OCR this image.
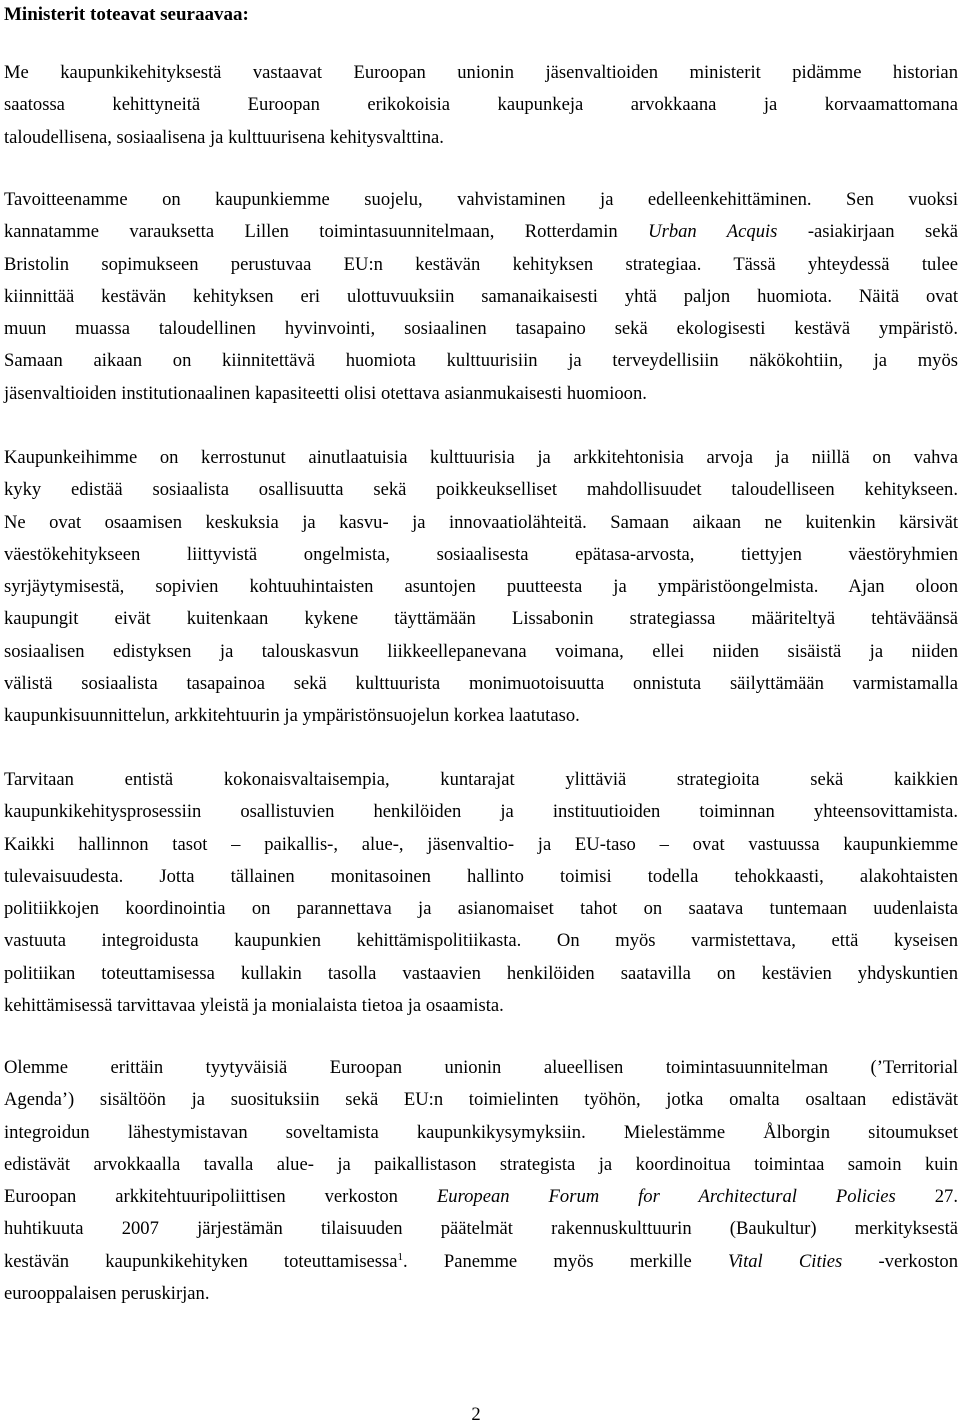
Ministerit toteavat seuraavaa:
Me kaupunkikehityksestä vastaavat Euroopan unionin jäsenvaltioiden ministerit pidämme historian
saatossa kehittyneitä Euroopan erikokoisia kaupunkeja arvokkaana ja korvaamattomana
taloudellisena, sosiaalisena ja kulttuurisena kehitysvalttina.
Tavoitteenamme on kaupunkiemme suojelu, vahvistaminen ja edelleenkehittäminen. Sen vuoksi
kannatamme varauksetta Lillen toimintasuunnitelmaan, Rotterdamin Urban Acquis -asiakirjaan sekä
Bristolin sopimukseen perustuvaa EU:n kestävän kehityksen strategiaa. Tässä yhteydessä tulee
kiinnittää kestävän kehityksen eri ulottuvuuksiin samanaikaisesti yhtä paljon huomiota. Näitä ovat
muun muassa taloudellinen hyvinvointi, sosiaalinen tasapaino sekä ekologisesti kestävä ympäristö.
Samaan aikaan on kiinnitettävä huomiota kulttuurisiin ja terveydellisiin näkökohtiin, ja myös
jäsenvaltioiden institutionaalinen kapasiteetti olisi otettava asianmukaisesti huomioon.
Kaupunkeihimme on kerrostunut ainutlaatuisia kulttuurisia ja arkkitehtonisia arvoja ja niillä on vahva
kyky edistää sosiaalista osallisuutta sekä poikkeukselliset mahdollisuudet taloudelliseen kehitykseen.
Ne ovat osaamisen keskuksia ja kasvu- ja innovaatiolähteitä. Samaan aikaan ne kuitenkin kärsivät
väestökehitykseen liittyvistä ongelmista, sosiaalisesta epätasa-arvosta, tiettyjen väestöryhmien
syrjäytymisestä, sopivien kohtuuhintaisten asuntojen puutteesta ja ympäristöongelmista. Ajan oloon
kaupungit eivät kuitenkaan kykene täyttämään Lissabonin strategiassa määriteltyä tehtäväänsä
sosiaalisen edistyksen ja talouskasvun liikkeellepanevana voimana, ellei niiden sisäistä ja niiden
välistä sosiaalista tasapainoa sekä kulttuurista monimuotoisuutta onnistuta säilyttämään varmistamalla
kaupunkisuunnittelun, arkkitehtuurin ja ympäristönsuojelun korkea laatutaso.
Tarvitaan entistä kokonaisvaltaisempia, kuntarajat ylittäviä strategioita sekä kaikkien
kaupunkikehitysprosessiin osallistuvien henkilöiden ja instituutioiden toiminnan yhteensovittamista.
Kaikki hallinnon tasot – paikallis-, alue-, jäsenvaltio- ja EU-taso – ovat vastuussa kaupunkiemme
tulevaisuudesta. Jotta tällainen monitasoinen hallinto toimisi todella tehokkaasti, alakohtaisten
politiikkojen koordinointia on parannettava ja asianomaiset tahot on saatava tuntemaan uudenlaista
vastuuta integroidusta kaupunkien kehittämispolitiikasta. On myös varmistettava, että kyseisen
politiikan toteuttamisessa kullakin tasolla vastaavien henkilöiden saatavilla on kestävien yhdyskuntien
kehittämisessä tarvittavaa yleistä ja monialaista tietoa ja osaamista.
Olemme erittäin tyytyväisiä Euroopan unionin alueellisen toimintasuunnitelman (’Territorial
Agenda’) sisältöön ja suosituksiin sekä EU:n toimielinten työhön, jotka omalta osaltaan edistävät
integroidun lähestymistavan soveltamista kaupunkikysymyksiin. Mielestämme Ålborgin sitoumukset
edistävät arvokkaalla tavalla alue- ja paikallistason strategista ja koordinoitua toimintaa samoin kuin
Euroopan arkkitehtuuripoliittisen verkoston European Forum for Architectural Policies 27.
huhtikuuta 2007 järjestämän tilaisuuden päätelmät rakennuskulttuurin (Baukultur) merkityksestä
kestävän kaupunkikehityken toteuttamisessa$^1$. Panemme myös merkille Vital Cities -verkoston
eurooppalaisen peruskirjan.
2
